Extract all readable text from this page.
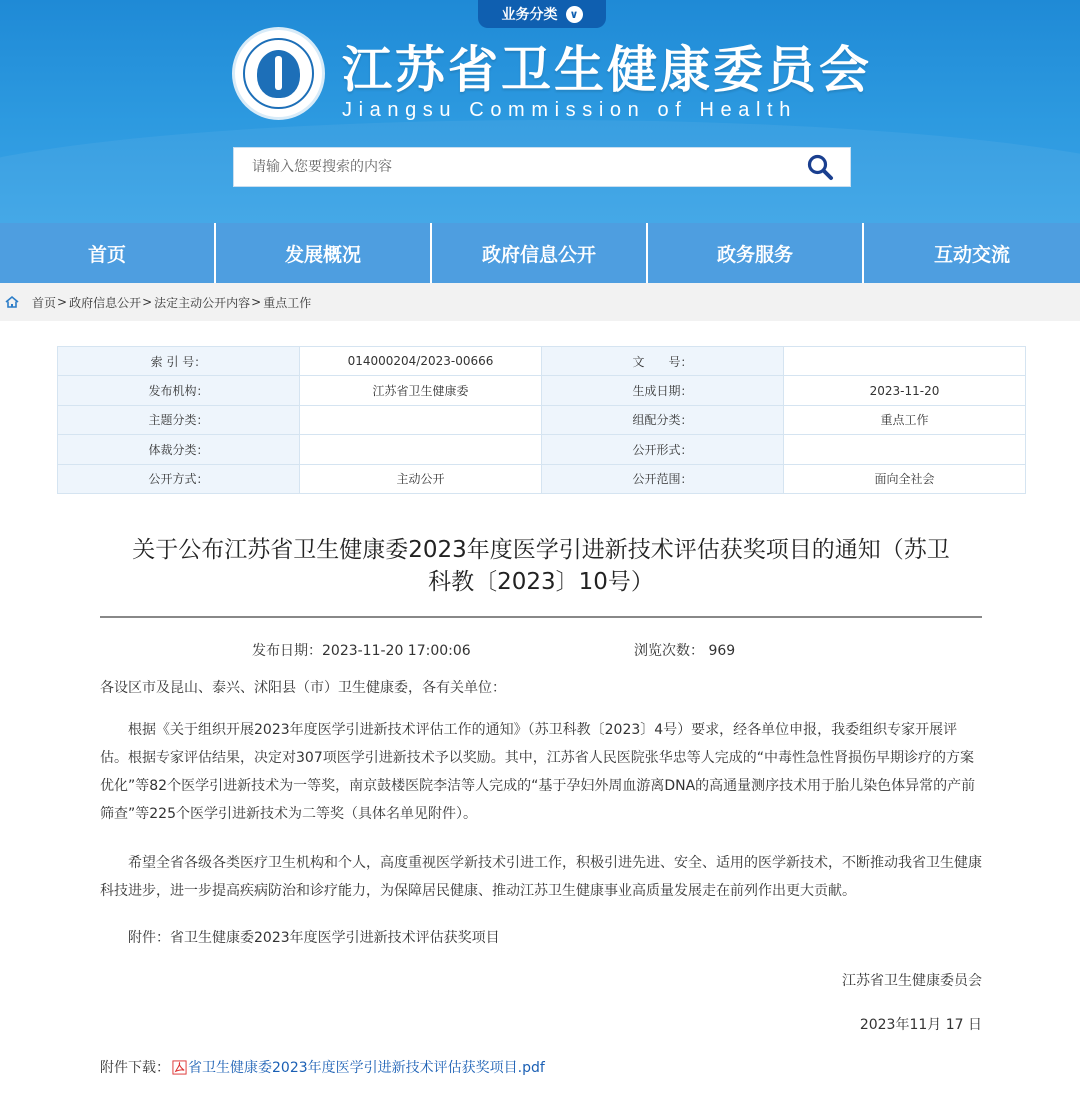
业务分类	∨
江苏省卫生健康委员会
Jiangsu Commission of Health
请输入您要搜索的内容
首页	发展概况	政府信息公开	政务服务	互动交流
首页 > 政府信息公开 > 法定主动公开内容 > 重点工作
索 引 号：	014000204/2023-00666	文　　号：	
发布机构：	江苏省卫生健康委	生成日期：	2023-11-20
主题分类：		组配分类：	重点工作
体裁分类：		公开形式：	
公开方式：	主动公开	公开范围：	面向全社会
关于公布江苏省卫生健康委2023年度医学引进新技术评估获奖项目的通知（苏卫
科教〔2023〕10号）
发布日期：2023-11-20 17:00:06	浏览次数： 969
各设区市及昆山、泰兴、沭阳县（市）卫生健康委，各有关单位：
根据《关于组织开展2023年度医学引进新技术评估工作的通知》（苏卫科教〔2023〕4号）要求，经各单位申报，我委组织专家开展评估。根据专家评估结果，决定对307项医学引进新技术予以奖励。其中，江苏省人民医院张华忠等人完成的“中毒性急性肾损伤早期诊疗的方案优化”等82个医学引进新技术为一等奖，南京鼓楼医院李洁等人完成的“基于孕妇外周血游离DNA的高通量测序技术用于胎儿染色体异常的产前筛查”等225个医学引进新技术为二等奖（具体名单见附件）。
希望全省各级各类医疗卫生机构和个人，高度重视医学新技术引进工作，积极引进先进、安全、适用的医学新技术，不断推动我省卫生健康科技进步，进一步提高疾病防治和诊疗能力，为保障居民健康、推动江苏卫生健康事业高质量发展走在前列作出更大贡献。
附件：省卫生健康委2023年度医学引进新技术评估获奖项目
江苏省卫生健康委员会
2023年11月 17 日
附件下载： 省卫生健康委2023年度医学引进新技术评估获奖项目.pdf
